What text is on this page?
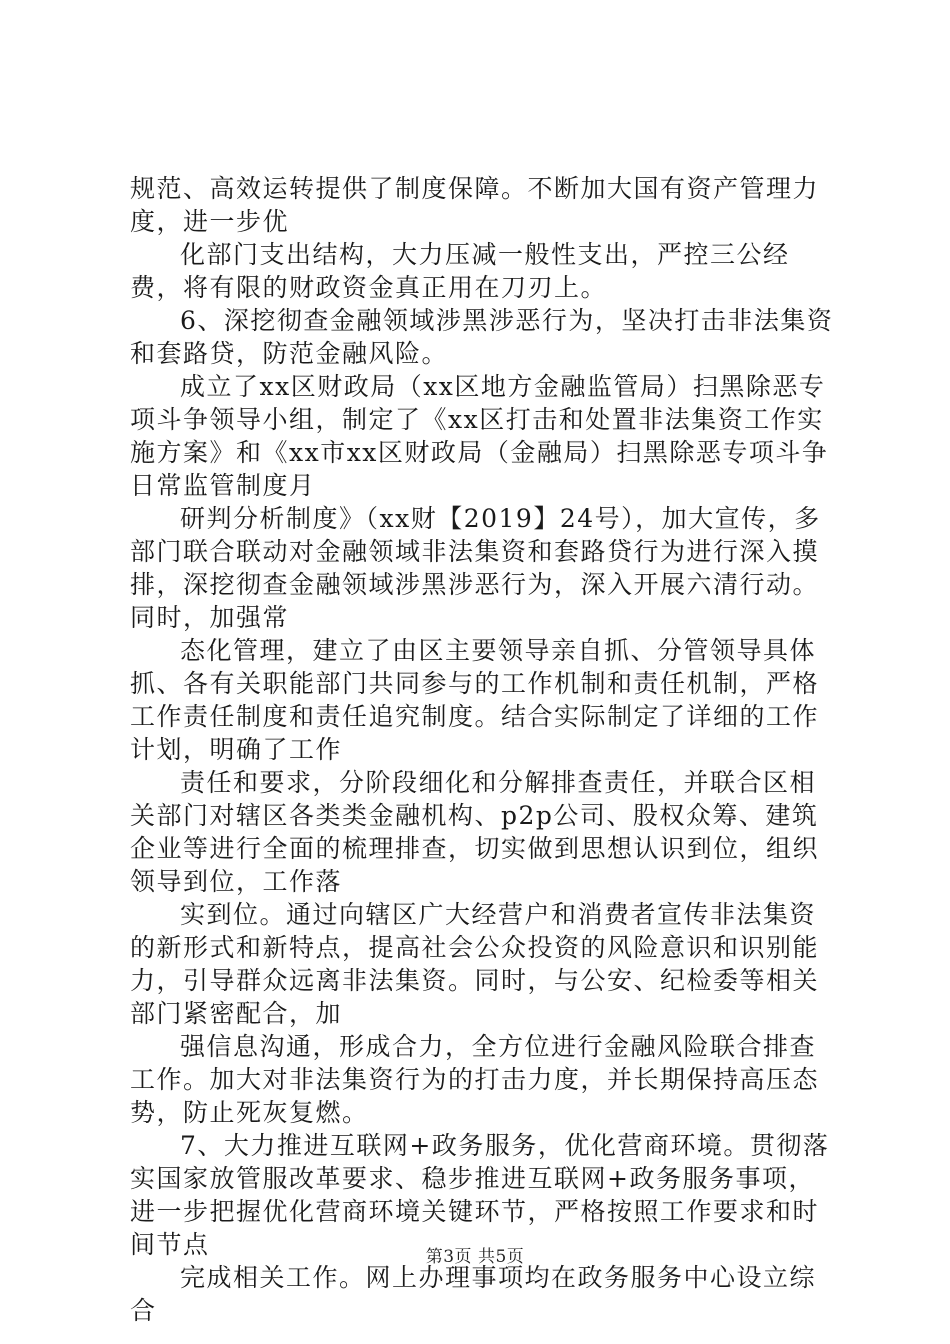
规范、高效运转提供了制度保障。不断加大国有资产管理力度，进一步优

化部门支出结构，大力压减一般性支出，严控三公经费，将有限的财政资金真正用在刀刃上。

6、深挖彻查金融领域涉黑涉恶行为，坚决打击非法集资和套路贷，防范金融风险。

成立了xx区财政局（xx区地方金融监管局）扫黑除恶专项斗争领导小组，制定了《xx区打击和处置非法集资工作实施方案》和《xx市xx区财政局（金融局）扫黑除恶专项斗争日常监管制度月

研判分析制度》（xx财【2019】24号），加大宣传，多部门联合联动对金融领域非法集资和套路贷行为进行深入摸排，深挖彻查金融领域涉黑涉恶行为，深入开展六清行动。同时，加强常

态化管理，建立了由区主要领导亲自抓、分管领导具体抓、各有关职能部门共同参与的工作机制和责任机制，严格工作责任制度和责任追究制度。结合实际制定了详细的工作计划，明确了工作

责任和要求，分阶段细化和分解排查责任，并联合区相关部门对辖区各类类金融机构、p2p公司、股权众筹、建筑企业等进行全面的梳理排查，切实做到思想认识到位，组织领导到位，工作落

实到位。通过向辖区广大经营户和消费者宣传非法集资的新形式和新特点，提高社会公众投资的风险意识和识别能力，引导群众远离非法集资。同时，与公安、纪检委等相关部门紧密配合，加

强信息沟通，形成合力，全方位进行金融风险联合排查工作。加大对非法集资行为的打击力度，并长期保持高压态势，防止死灰复燃。

7、大力推进互联网+政务服务，优化营商环境。贯彻落实国家放管服改革要求、稳步推进互联网+政务服务事项，进一步把握优化营商环境关键环节，严格按照工作要求和时间节点

完成相关工作。网上办理事项均在政务服务中心设立综合

第3页 共5页
